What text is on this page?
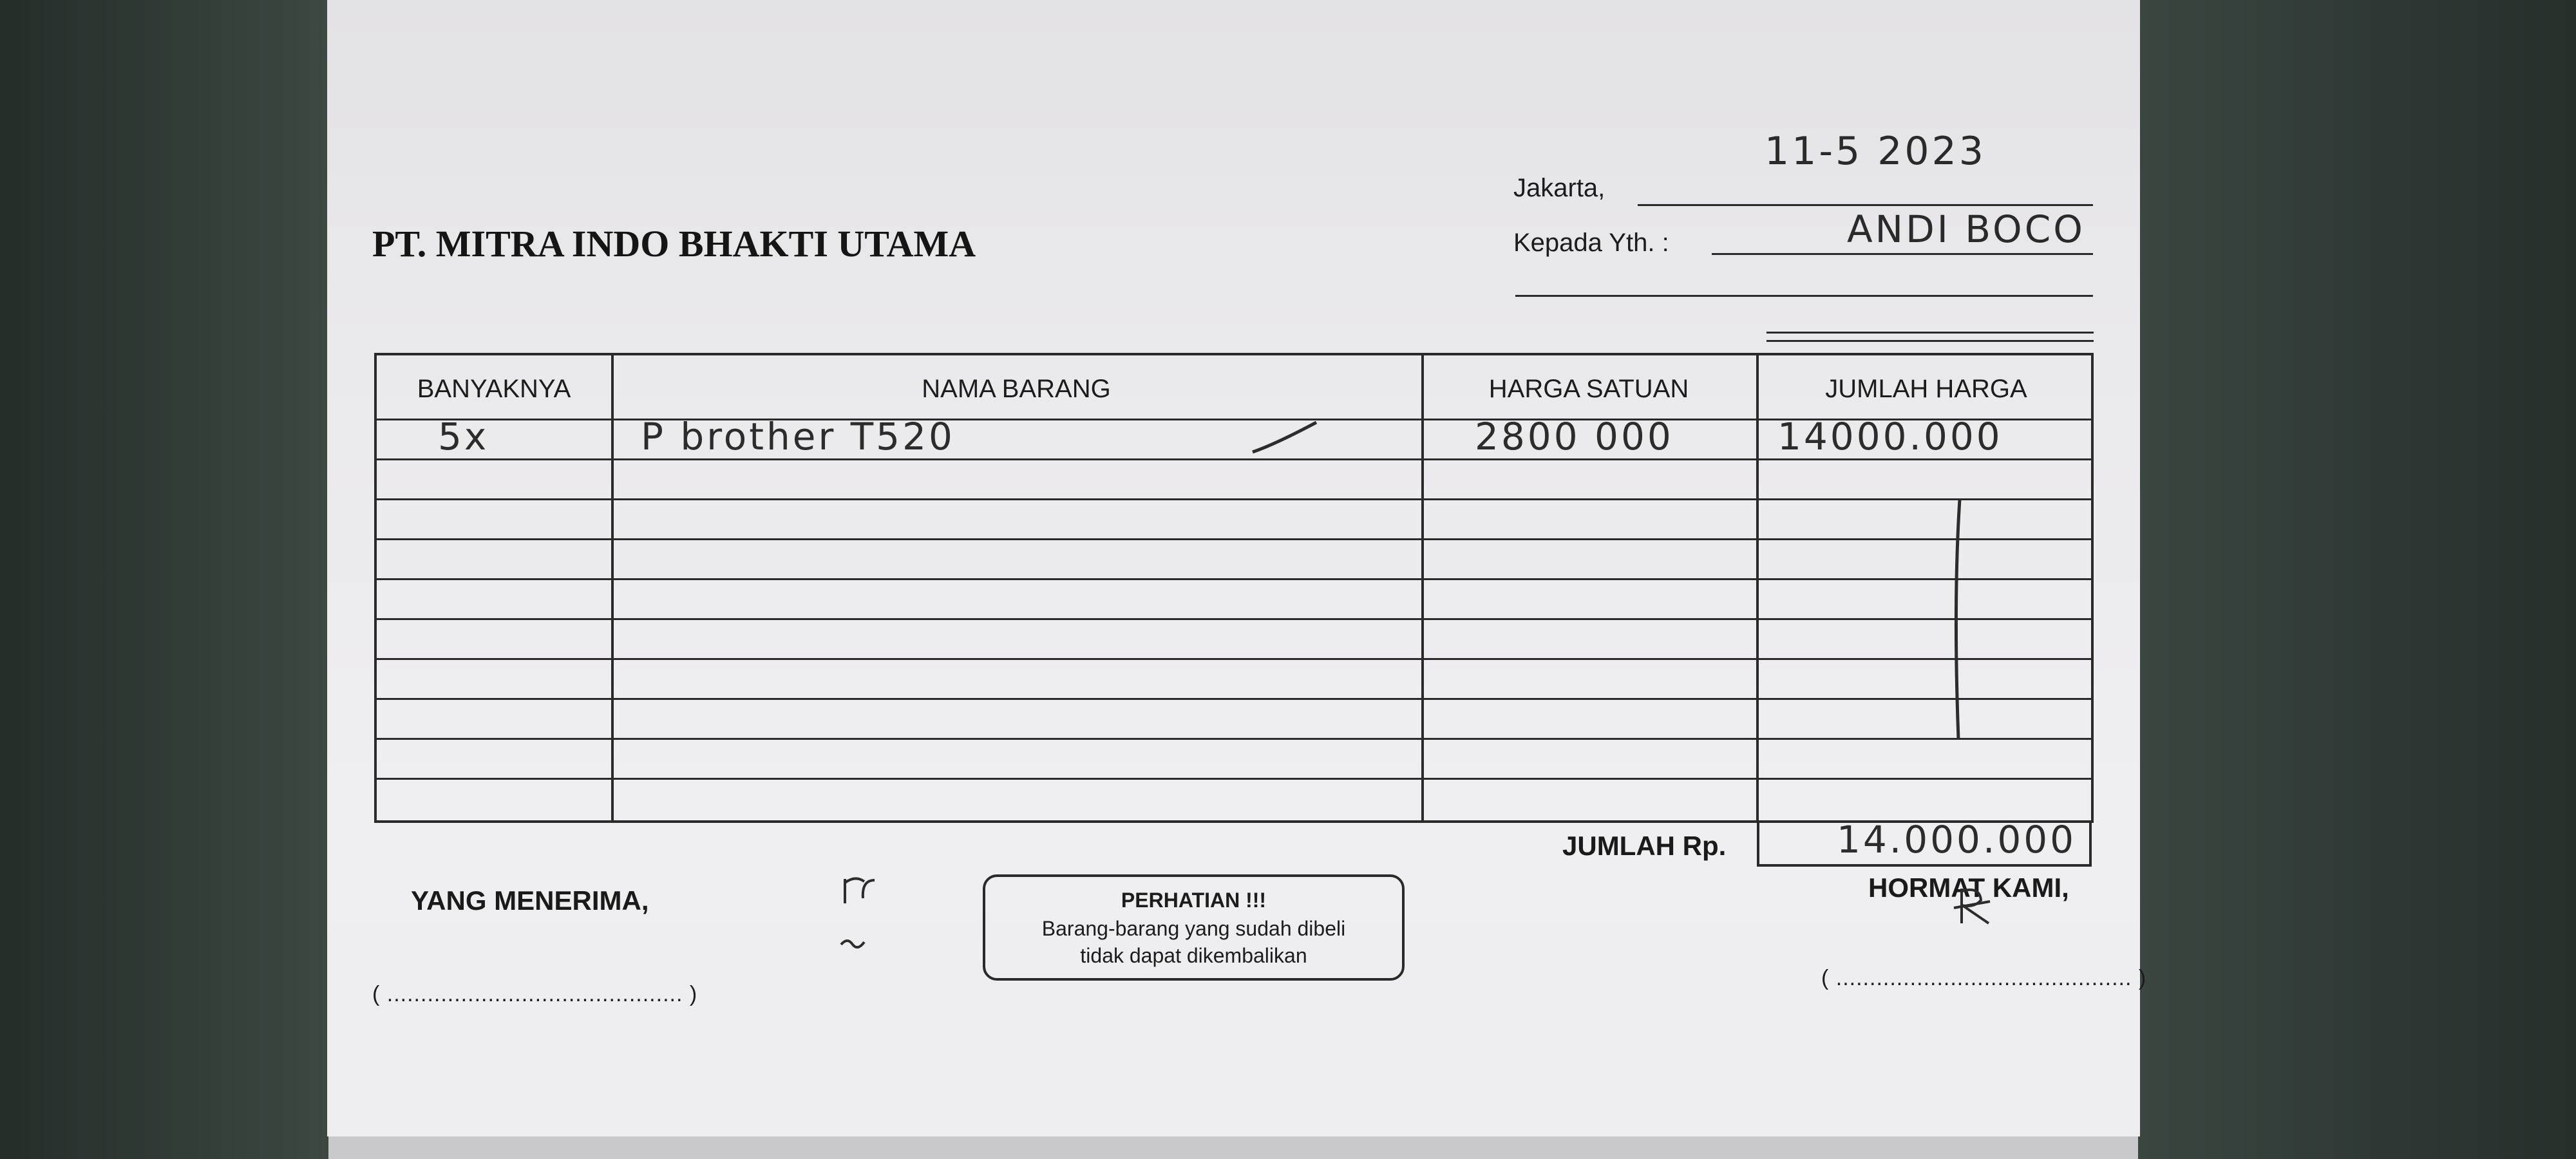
PT. MITRA INDO BHAKTI UTAMA
Jakarta,
11-5 2023
Kepada Yth. :	ANDI BOCO
BANYAKNYA	NAMA BARANG	HARGA SATUAN	JUMLAH HARGA
5x	P brother T520	2800 000	14000.000
JUMLAH Rp.	14.000.000
YANG MENERIMA,
( ............................................ )
PERHATIAN !!!
Barang-barang yang sudah dibeli
tidak dapat dikembalikan
HORMAT KAMI,
( ............................................ )
